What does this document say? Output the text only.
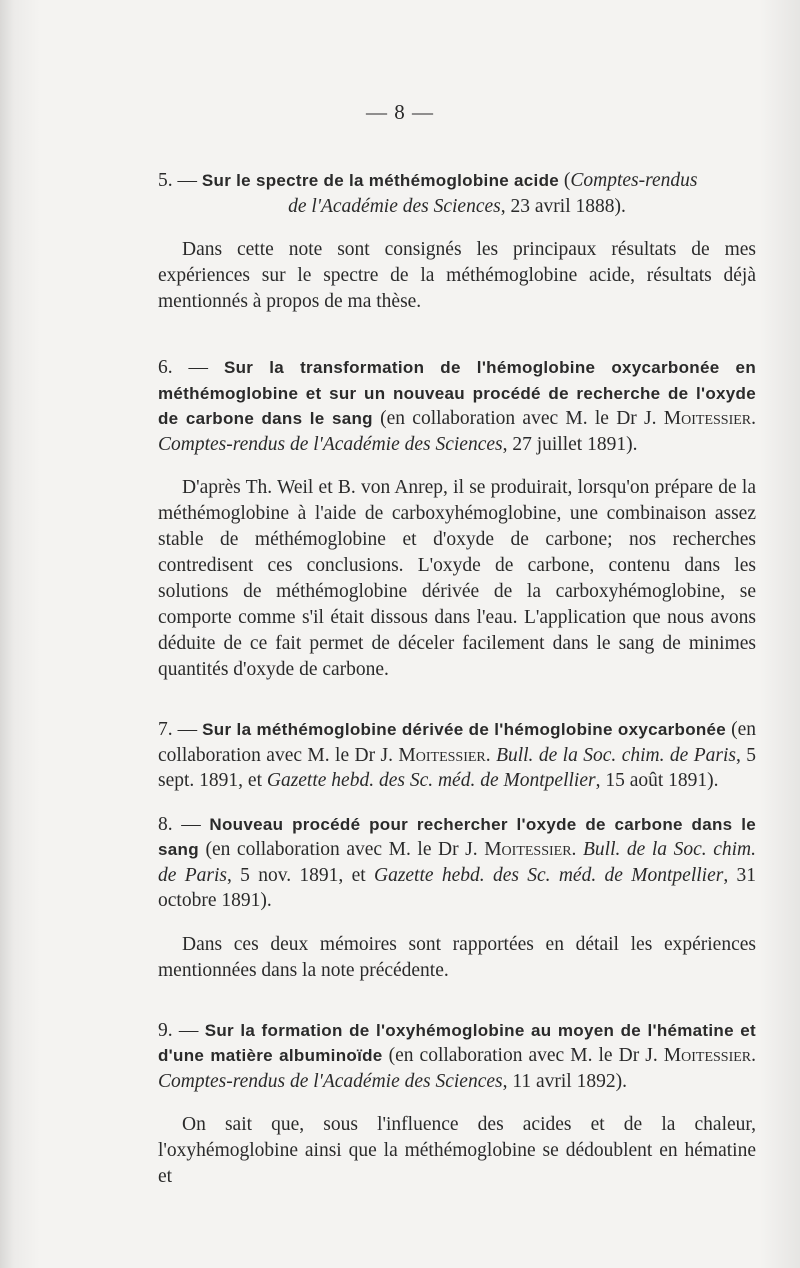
— 8 —

5. — Sur le spectre de la méthémoglobine acide (Comptes-rendus
de l'Académie des Sciences, 23 avril 1888).

Dans cette note sont consignés les principaux résultats de mes expériences sur le spectre de la méthémoglobine acide, résultats déjà mentionnés à propos de ma thèse.

6. — Sur la transformation de l'hémoglobine oxycarbonée en méthémoglobine et sur un nouveau procédé de recherche de l'oxyde de carbone dans le sang (en collaboration avec M. le Dr J. Moitessier. Comptes-rendus de l'Académie des Sciences, 27 juillet 1891).

D'après Th. Weil et B. von Anrep, il se produirait, lorsqu'on prépare de la méthémoglobine à l'aide de carboxyhémoglobine, une combinaison assez stable de méthémoglobine et d'oxyde de carbone; nos recherches contredisent ces conclusions. L'oxyde de carbone, contenu dans les solutions de méthémoglobine dérivée de la carboxyhémoglobine, se comporte comme s'il était dissous dans l'eau. L'application que nous avons déduite de ce fait permet de déceler facilement dans le sang de minimes quantités d'oxyde de carbone.

7. — Sur la méthémoglobine dérivée de l'hémoglobine oxycarbonée (en collaboration avec M. le Dr J. Moitessier. Bull. de la Soc. chim. de Paris, 5 sept. 1891, et Gazette hebd. des Sc. méd. de Montpellier, 15 août 1891).

8. — Nouveau procédé pour rechercher l'oxyde de carbone dans le sang (en collaboration avec M. le Dr J. Moitessier. Bull. de la Soc. chim. de Paris, 5 nov. 1891, et Gazette hebd. des Sc. méd. de Montpellier, 31 octobre 1891).

Dans ces deux mémoires sont rapportées en détail les expériences mentionnées dans la note précédente.

9. — Sur la formation de l'oxyhémoglobine au moyen de l'hématine et d'une matière albuminoïde (en collaboration avec M. le Dr J. Moitessier. Comptes-rendus de l'Académie des Sciences, 11 avril 1892).

On sait que, sous l'influence des acides et de la chaleur, l'oxyhémoglobine ainsi que la méthémoglobine se dédoublent en hématine et
